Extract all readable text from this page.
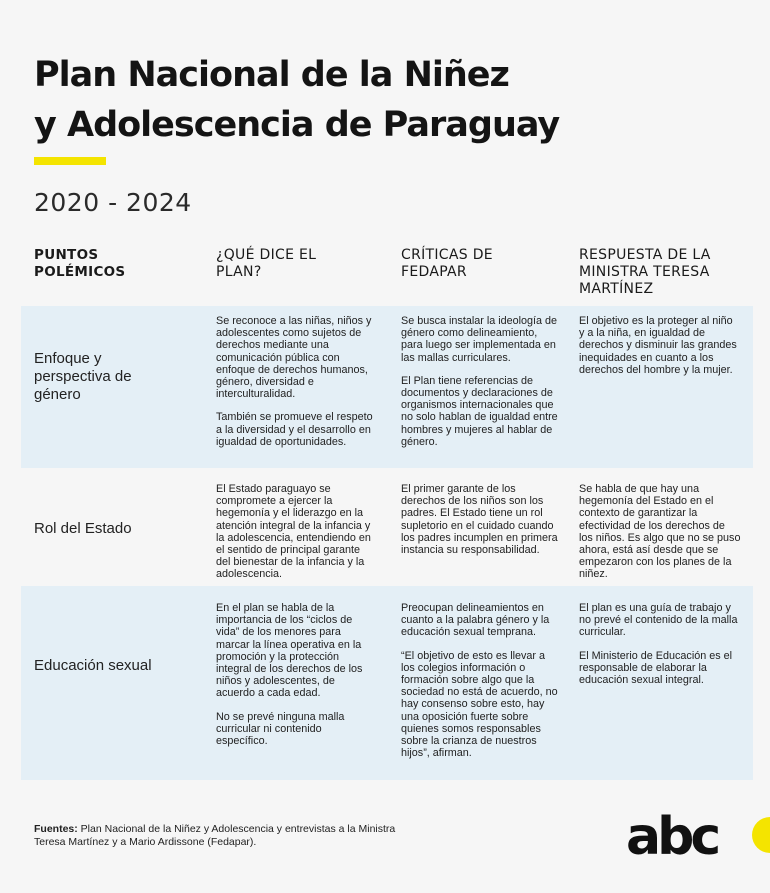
Plan Nacional de la Niñez
y Adolescencia de Paraguay
2020 - 2024
PUNTOS POLÉMICOS
¿QUÉ DICE EL PLAN?
CRÍTICAS DE FEDAPAR
RESPUESTA DE LA MINISTRA TERESA MARTÍNEZ
Enfoque y perspectiva de género

Se reconoce a las niñas, niños y adolescentes como sujetos de derechos mediante una comunicación pública con enfoque de derechos humanos, género, diversidad e interculturalidad.

También se promueve el respeto a la diversidad y el desarrollo en igualdad de oportunidades.

Se busca instalar la ideología de género como delineamiento, para luego ser implementada en las mallas curriculares.

El Plan tiene referencias de documentos y declaraciones de organismos internacionales que no solo hablan de igualdad entre hombres y mujeres al hablar de género.

El objetivo es la proteger al niño y a la niña, en igualdad de derechos y disminuir las grandes inequidades en cuanto a los derechos del hombre y la mujer.

Rol del Estado

El Estado paraguayo se compromete a ejercer la hegemonía y el liderazgo en la atención integral de la infancia y la adolescencia, entendiendo en el sentido de principal garante del bienestar de la infancia y la adolescencia.

El primer garante de los derechos de los niños son los padres. El Estado tiene un rol supletorio en el cuidado cuando los padres incumplen en primera instancia su responsabilidad.

Se habla de que hay una hegemonía del Estado en el contexto de garantizar la efectividad de los derechos de los niños. Es algo que no se puso ahora, está así desde que se empezaron con los planes de la niñez.

Educación sexual

En el plan se habla de la importancia de los “ciclos de vida” de los menores para marcar la línea operativa en la promoción y la protección integral de los derechos de los niños y adolescentes, de acuerdo a cada edad.

No se prevé ninguna malla curricular ni contenido específico.

Preocupan delineamientos en cuanto a la palabra género y la educación sexual temprana.

“El objetivo de esto es llevar a los colegios información o formación sobre algo que la sociedad no está de acuerdo, no hay consenso sobre esto, hay una oposición fuerte sobre quienes somos responsables sobre la crianza de nuestros hijos”, afirman.

El plan es una guía de trabajo y no prevé el contenido de la malla curricular.

El Ministerio de Educación es el responsable de elaborar la educación sexual integral.

Fuentes: Plan Nacional de la Niñez y Adolescencia y entrevistas a la Ministra Teresa Martínez y a Mario Ardissone (Fedapar).	abc
